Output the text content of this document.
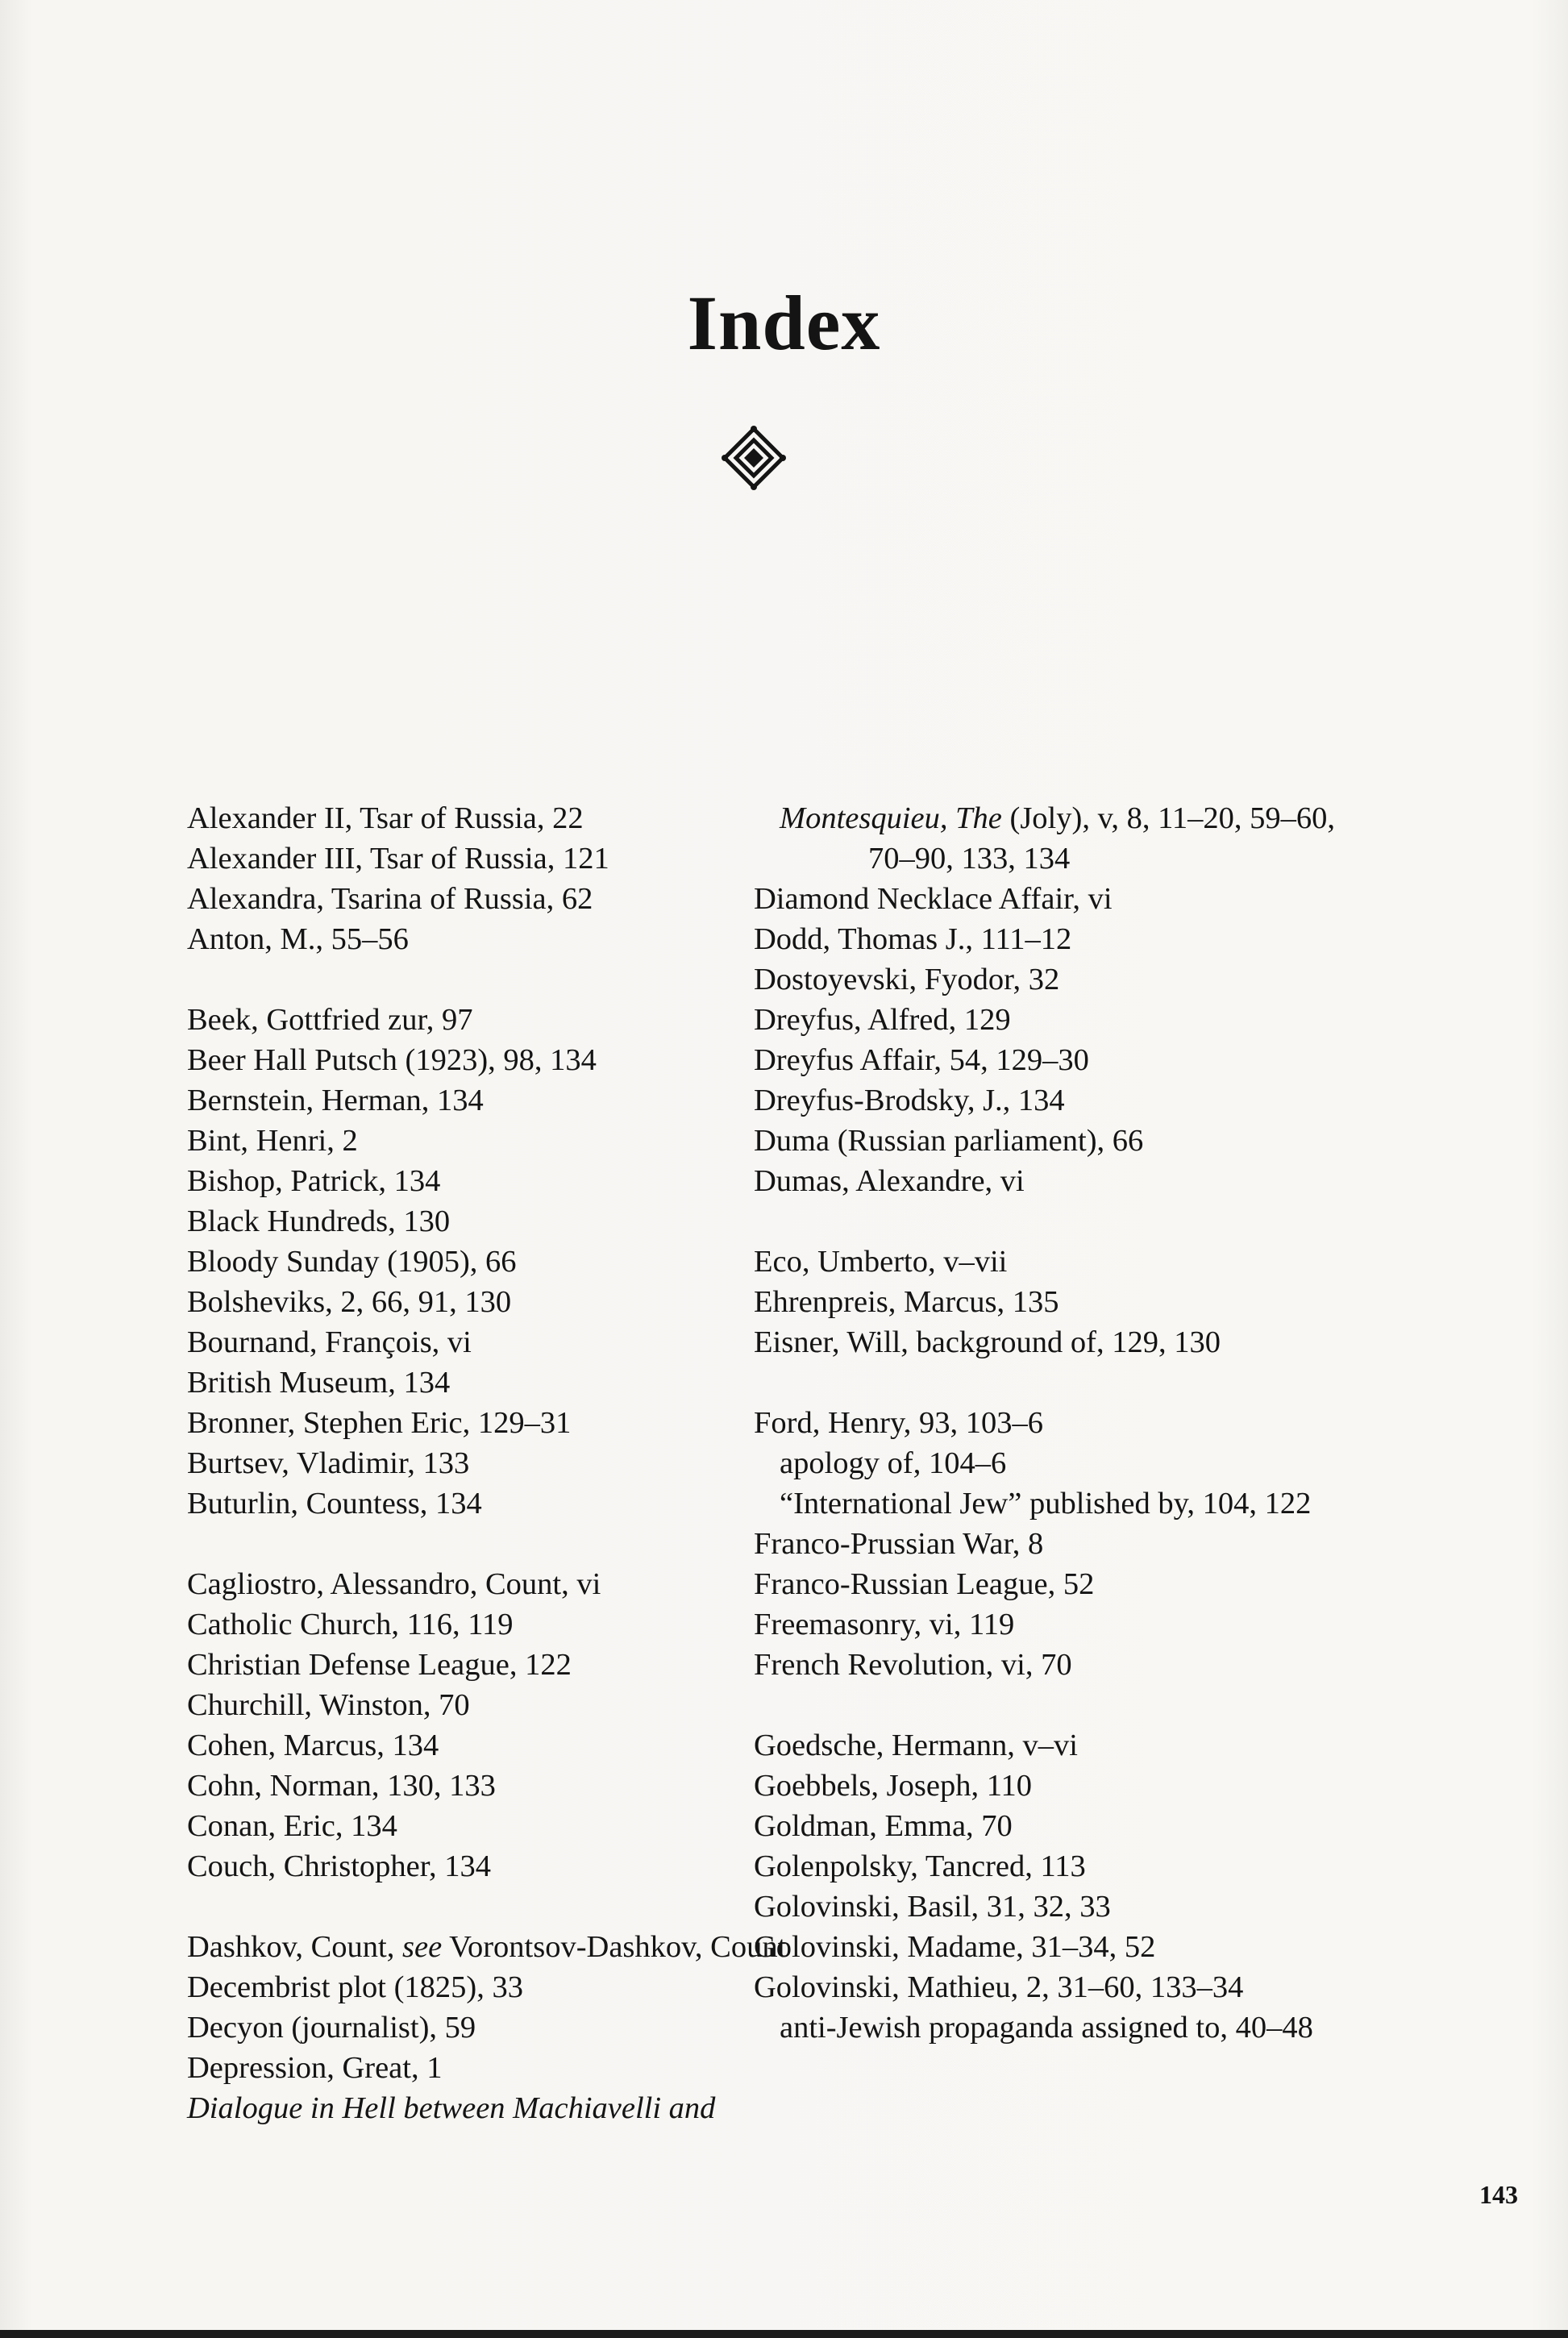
Index
Alexander II, Tsar of Russia, 22
Alexander III, Tsar of Russia, 121
Alexandra, Tsarina of Russia, 62
Anton, M., 55–56
Beek, Gottfried zur, 97
Beer Hall Putsch (1923), 98, 134
Bernstein, Herman, 134
Bint, Henri, 2
Bishop, Patrick, 134
Black Hundreds, 130
Bloody Sunday (1905), 66
Bolsheviks, 2, 66, 91, 130
Bournand, François, vi
British Museum, 134
Bronner, Stephen Eric, 129–31
Burtsev, Vladimir, 133
Buturlin, Countess, 134
Cagliostro, Alessandro, Count, vi
Catholic Church, 116, 119
Christian Defense League, 122
Churchill, Winston, 70
Cohen, Marcus, 134
Cohn, Norman, 130, 133
Conan, Eric, 134
Couch, Christopher, 134
Dashkov, Count, see Vorontsov-Dashkov, Count
Decembrist plot (1825), 33
Decyon (journalist), 59
Depression, Great, 1
Dialogue in Hell between Machiavelli and
Montesquieu, The (Joly), v, 8, 11–20, 59–60, 70–90, 133, 134
Diamond Necklace Affair, vi
Dodd, Thomas J., 111–12
Dostoyevski, Fyodor, 32
Dreyfus, Alfred, 129
Dreyfus Affair, 54, 129–30
Dreyfus-Brodsky, J., 134
Duma (Russian parliament), 66
Dumas, Alexandre, vi
Eco, Umberto, v–vii
Ehrenpreis, Marcus, 135
Eisner, Will, background of, 129, 130
Ford, Henry, 93, 103–6
apology of, 104–6
“International Jew” published by, 104, 122
Franco-Prussian War, 8
Franco-Russian League, 52
Freemasonry, vi, 119
French Revolution, vi, 70
Goedsche, Hermann, v–vi
Goebbels, Joseph, 110
Goldman, Emma, 70
Golenpolsky, Tancred, 113
Golovinski, Basil, 31, 32, 33
Golovinski, Madame, 31–34, 52
Golovinski, Mathieu, 2, 31–60, 133–34
anti-Jewish propaganda assigned to, 40–48
143
